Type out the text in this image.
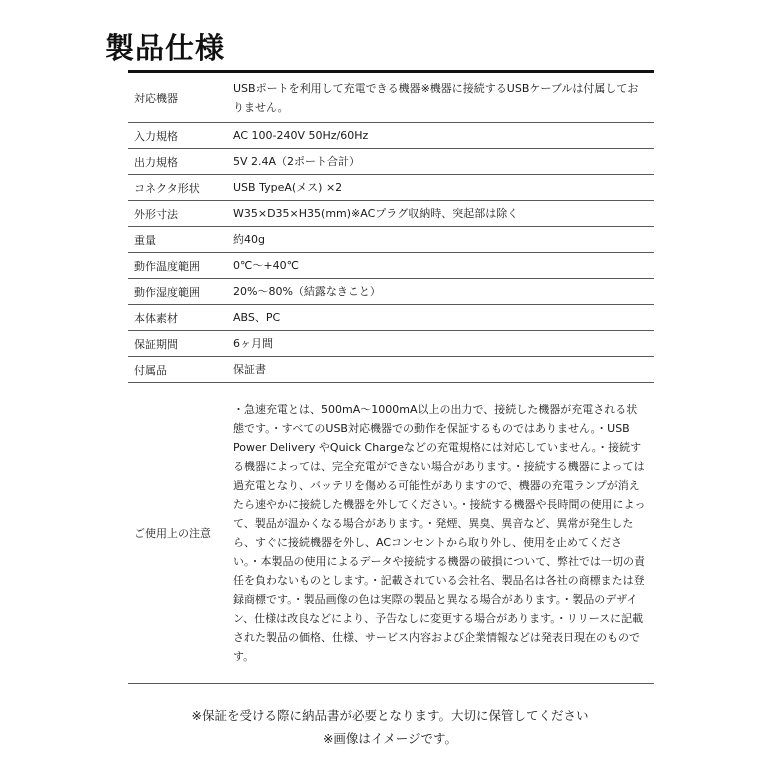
製品仕様
対応機器	USBポートを利用して充電できる機器※機器に接続するUSBケーブルは付属しておりません。
入力規格	AC 100-240V 50Hz/60Hz
出力規格	5V 2.4A（2ポート合計）
コネクタ形状	USB TypeA(メス) ×2
外形寸法	W35×D35×H35(mm)※ACプラグ収納時、突起部は除く
重量	約40g
動作温度範囲	0℃～+40℃
動作湿度範囲	20%～80%（結露なきこと）
本体素材	ABS、PC
保証期間	6ヶ月間
付属品	保証書
ご使用上の注意	・急速充電とは、500mA～1000mA以上の出力で、接続した機器が充電される状態です。・すべてのUSB対応機器での動作を保証するものではありません。・USB Power Delivery やQuick Chargeなどの充電規格には対応していません。・接続する機器によっては、完全充電ができない場合があります。・接続する機器によっては過充電となり、バッテリを傷める可能性がありますので、機器の充電ランプが消えたら速やかに接続した機器を外してください。・接続する機器や長時間の使用によって、製品が温かくなる場合があります。・発煙、異臭、異音など、異常が発生したら、すぐに接続機器を外し、ACコンセントから取り外し、使用を止めてください。・本製品の使用によるデータや接続する機器の破損について、弊社では一切の責任を負わないものとします。・記載されている会社名、製品名は各社の商標または登録商標です。・製品画像の色は実際の製品と異なる場合があります。・製品のデザイン、仕様は改良などにより、予告なしに変更する場合があります。・リリースに記載された製品の価格、仕様、サービス内容および企業情報などは発表日現在のものです。
※保証を受ける際に納品書が必要となります。大切に保管してください
※画像はイメージです。
